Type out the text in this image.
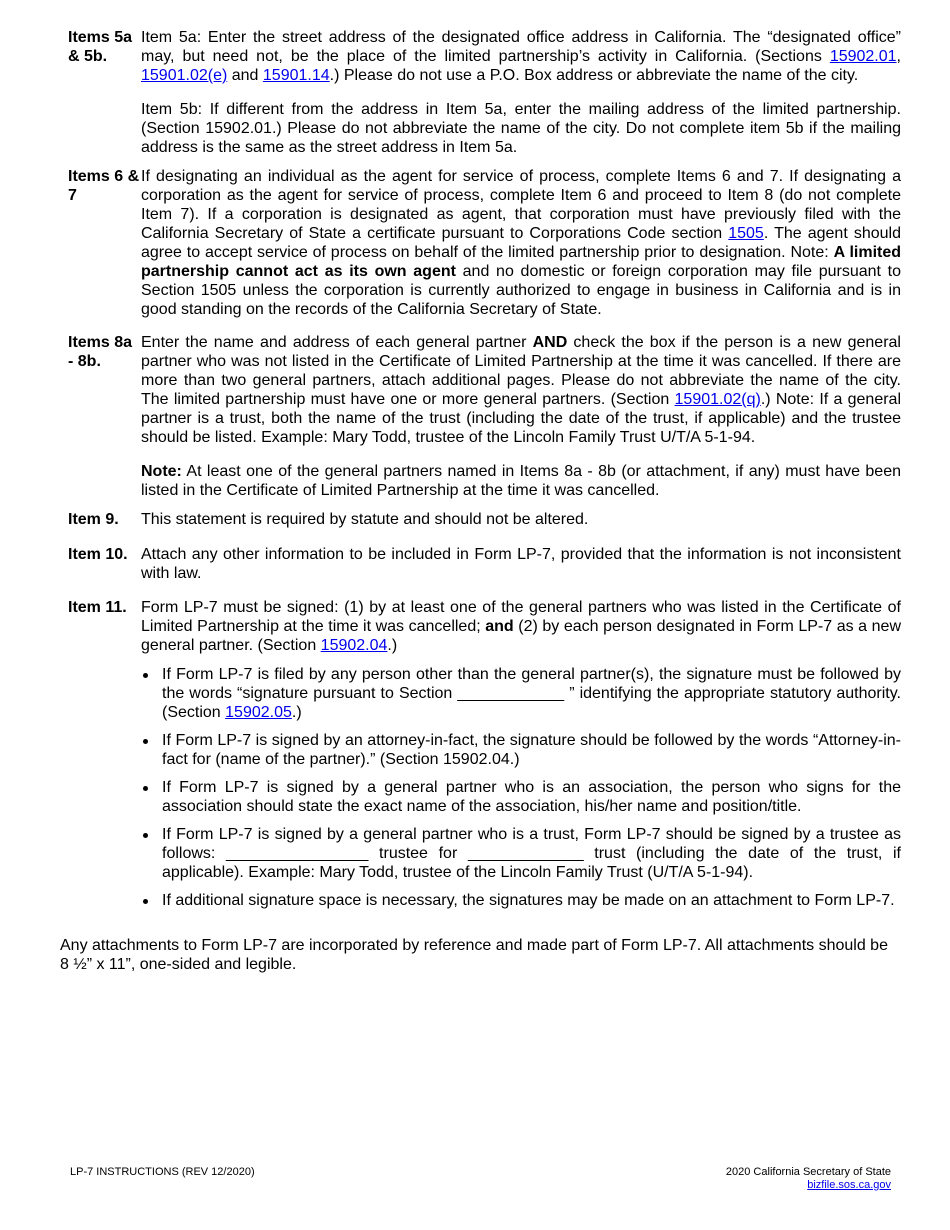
Items 5a & 5b.

Item 5a: Enter the street address of the designated office address in California. The “designated office” may, but need not, be the place of the limited partnership’s activity in California. (Sections 15902.01, 15901.02(e) and 15901.14.) Please do not use a P.O. Box address or abbreviate the name of the city.

Item 5b: If different from the address in Item 5a, enter the mailing address of the limited partnership. (Section 15902.01.) Please do not abbreviate the name of the city. Do not complete item 5b if the mailing address is the same as the street address in Item 5a.

Items 6 & 7

If designating an individual as the agent for service of process, complete Items 6 and 7. If designating a corporation as the agent for service of process, complete Item 6 and proceed to Item 8 (do not complete Item 7). If a corporation is designated as agent, that corporation must have previously filed with the California Secretary of State a certificate pursuant to Corporations Code section 1505. The agent should agree to accept service of process on behalf of the limited partnership prior to designation. Note: A limited partnership cannot act as its own agent and no domestic or foreign corporation may file pursuant to Section 1505 unless the corporation is currently authorized to engage in business in California and is in good standing on the records of the California Secretary of State.

Items 8a - 8b.

Enter the name and address of each general partner AND check the box if the person is a new general partner who was not listed in the Certificate of Limited Partnership at the time it was cancelled. If there are more than two general partners, attach additional pages. Please do not abbreviate the name of the city. The limited partnership must have one or more general partners. (Section 15901.02(q).) Note: If a general partner is a trust, both the name of the trust (including the date of the trust, if applicable) and the trustee should be listed. Example: Mary Todd, trustee of the Lincoln Family Trust U/T/A 5-1-94.

Note: At least one of the general partners named in Items 8a - 8b (or attachment, if any) must have been listed in the Certificate of Limited Partnership at the time it was cancelled.

Item 9.	This statement is required by statute and should not be altered.
Item 10. Attach any other information to be included in Form LP-7, provided that the information is not inconsistent with law.
Item 11. Form LP-7 must be signed: (1) by at least one of the general partners who was listed in the Certificate of Limited Partnership at the time it was cancelled; and (2) by each person designated in Form LP-7 as a new general partner. (Section 15902.04.)

If Form LP-7 is filed by any person other than the general partner(s), the signature must be followed by the words “signature pursuant to Section ____________ ” identifying the appropriate statutory authority. (Section 15902.05.)
If Form LP-7 is signed by an attorney-in-fact, the signature should be followed by the words “Attorney-in-fact for (name of the partner).” (Section 15902.04.)
If Form LP-7 is signed by a general partner who is an association, the person who signs for the association should state the exact name of the association, his/her name and position/title.
If Form LP-7 is signed by a general partner who is a trust, Form LP-7 should be signed by a trustee as follows: ________________ trustee for _____________ trust (including the date of the trust, if applicable). Example: Mary Todd, trustee of the Lincoln Family Trust (U/T/A 5-1-94).
If additional signature space is necessary, the signatures may be made on an attachment to Form LP-7.
Any attachments to Form LP-7 are incorporated by reference and made part of Form LP-7. All attachments should be 8 ½” x 11”, one-sided and legible.
LP-7 INSTRUCTIONS (REV 12/2020)	2020 California Secretary of State
bizfile.sos.ca.gov
